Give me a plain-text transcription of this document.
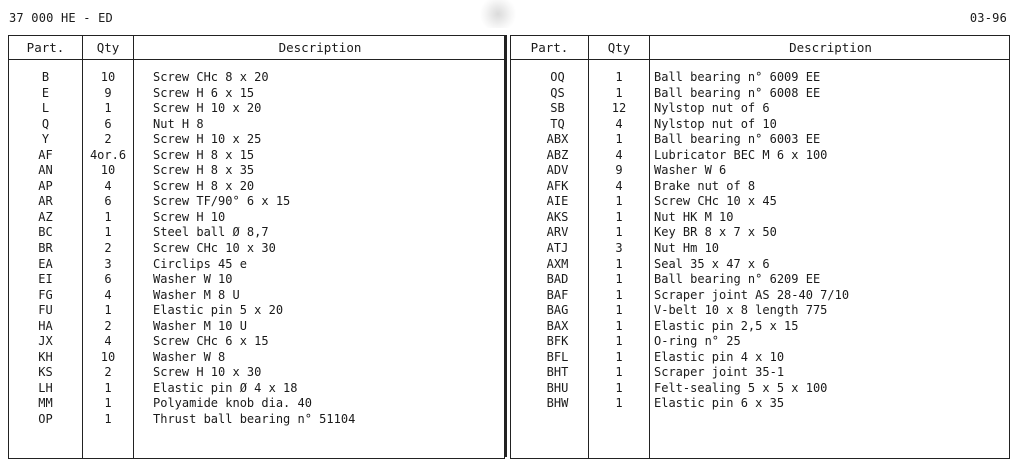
37 000 HE - ED	03-96
Part.	Qty	Description
B	10	Screw CHc 8 x 20
E	9	Screw H 6 x 15
L	1	Screw H 10 x 20
Q	6	Nut H 8
Y	2	Screw H 10 x 25
AF	4or.6	Screw H 8 x 15
AN	10	Screw H 8 x 35
AP	4	Screw H 8 x 20
AR	6	Screw TF/90° 6 x 15
AZ	1	Screw H 10
BC	1	Steel ball Ø 8,7
BR	2	Screw CHc 10 x 30
EA	3	Circlips 45 e
EI	6	Washer W 10
FG	4	Washer M 8 U
FU	1	Elastic pin 5 x 20
HA	2	Washer M 10 U
JX	4	Screw CHc 6 x 15
KH	10	Washer W 8
KS	2	Screw H 10 x 30
LH	1	Elastic pin Ø 4 x 18
MM	1	Polyamide knob dia. 40
OP	1	Thrust ball bearing n° 51104
Part.	Qty	Description
OQ	1	Ball bearing n° 6009 EE
QS	1	Ball bearing n° 6008 EE
SB	12	Nylstop nut of 6
TQ	4	Nylstop nut of 10
ABX	1	Ball bearing n° 6003 EE
ABZ	4	Lubricator BEC M 6 x 100
ADV	9	Washer W 6
AFK	4	Brake nut of 8
AIE	1	Screw CHc 10 x 45
AKS	1	Nut HK M 10
ARV	1	Key BR 8 x 7 x 50
ATJ	3	Nut Hm 10
AXM	1	Seal 35 x 47 x 6
BAD	1	Ball bearing n° 6209 EE
BAF	1	Scraper joint AS 28-40 7/10
BAG	1	V-belt 10 x 8 length 775
BAX	1	Elastic pin 2,5 x 15
BFK	1	O-ring n° 25
BFL	1	Elastic pin 4 x 10
BHT	1	Scraper joint 35-1
BHU	1	Felt-sealing 5 x 5 x 100
BHW	1	Elastic pin 6 x 35
